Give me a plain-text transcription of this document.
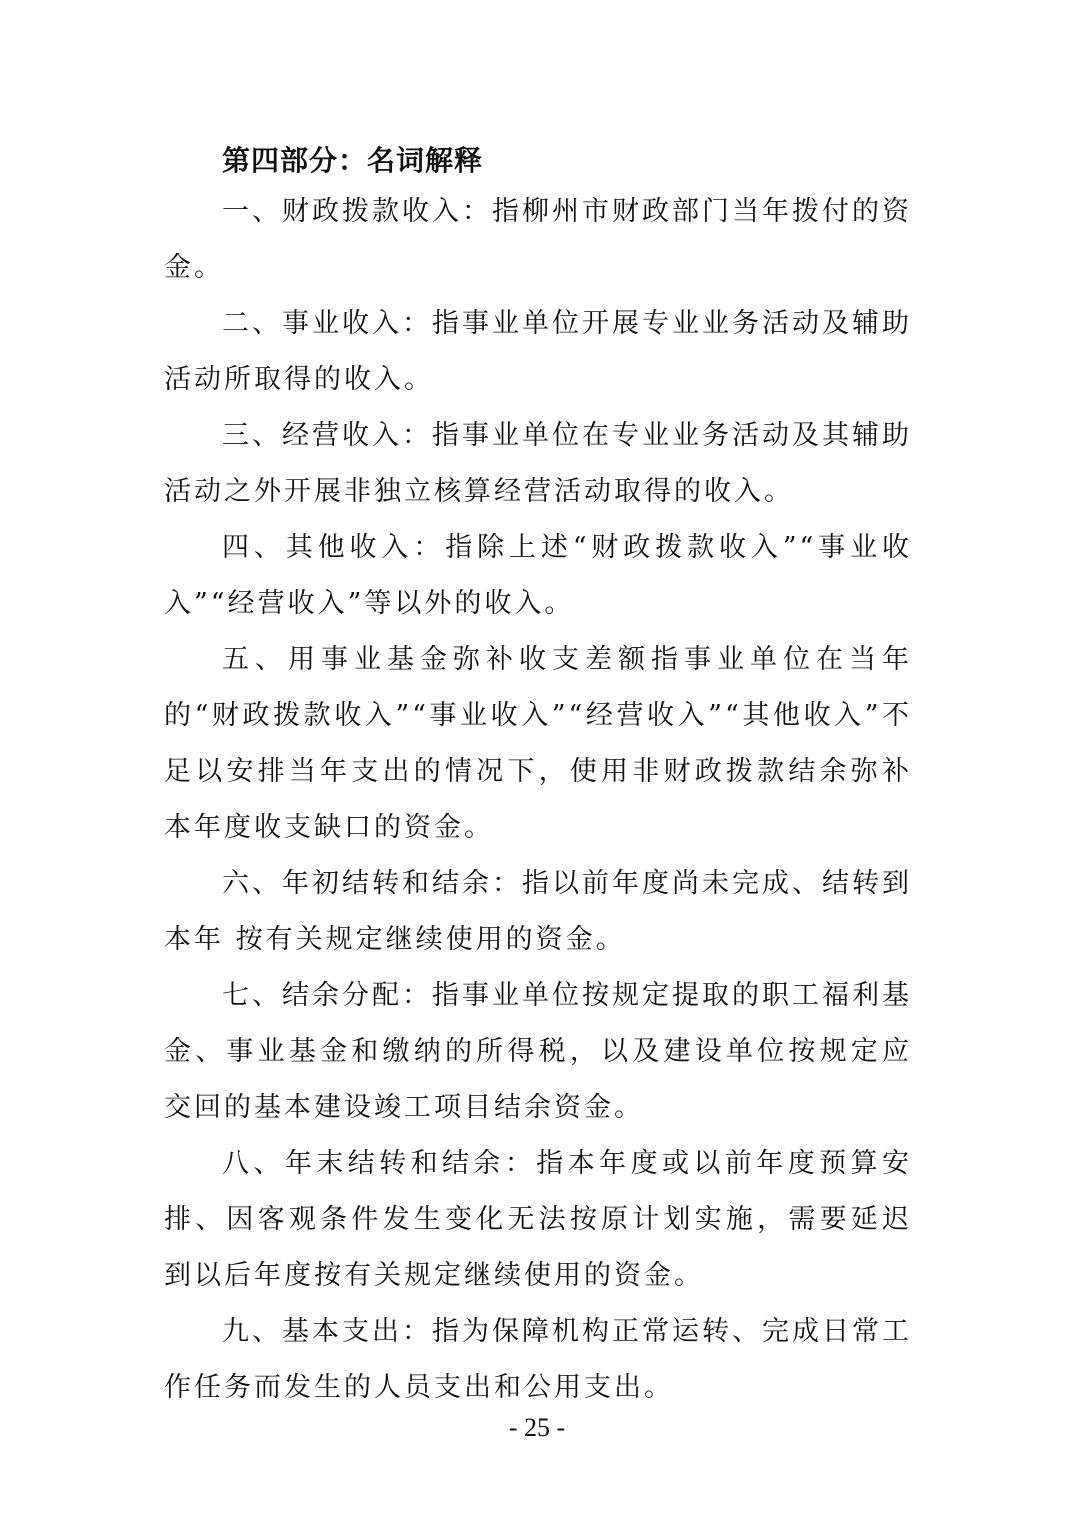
第四部分：名词解释

一、财政拨款收入：指柳州市财政部门当年拨付的资金。

二、事业收入：指事业单位开展专业业务活动及辅助活动所取得的收入。

三、经营收入：指事业单位在专业业务活动及其辅助活动之外开展非独立核算经营活动取得的收入。

四、其他收入：指除上述“财政拨款收入”“事业收入”“经营收入”等以外的收入。

五、用事业基金弥补收支差额指事业单位在当年的“财政拨款收入”“事业收入”“经营收入”“其他收入”不足以安排当年支出的情况下，使用非财政拨款结余弥补本年度收支缺口的资金。

六、年初结转和结余：指以前年度尚未完成、结转到本年 按有关规定继续使用的资金。

七、结余分配：指事业单位按规定提取的职工福利基金、事业基金和缴纳的所得税，以及建设单位按规定应交回的基本建设竣工项目结余资金。

八、年末结转和结余：指本年度或以前年度预算安排、因客观条件发生变化无法按原计划实施，需要延迟到以后年度按有关规定继续使用的资金。

九、基本支出：指为保障机构正常运转、完成日常工作任务而发生的人员支出和公用支出。

- 25 -
